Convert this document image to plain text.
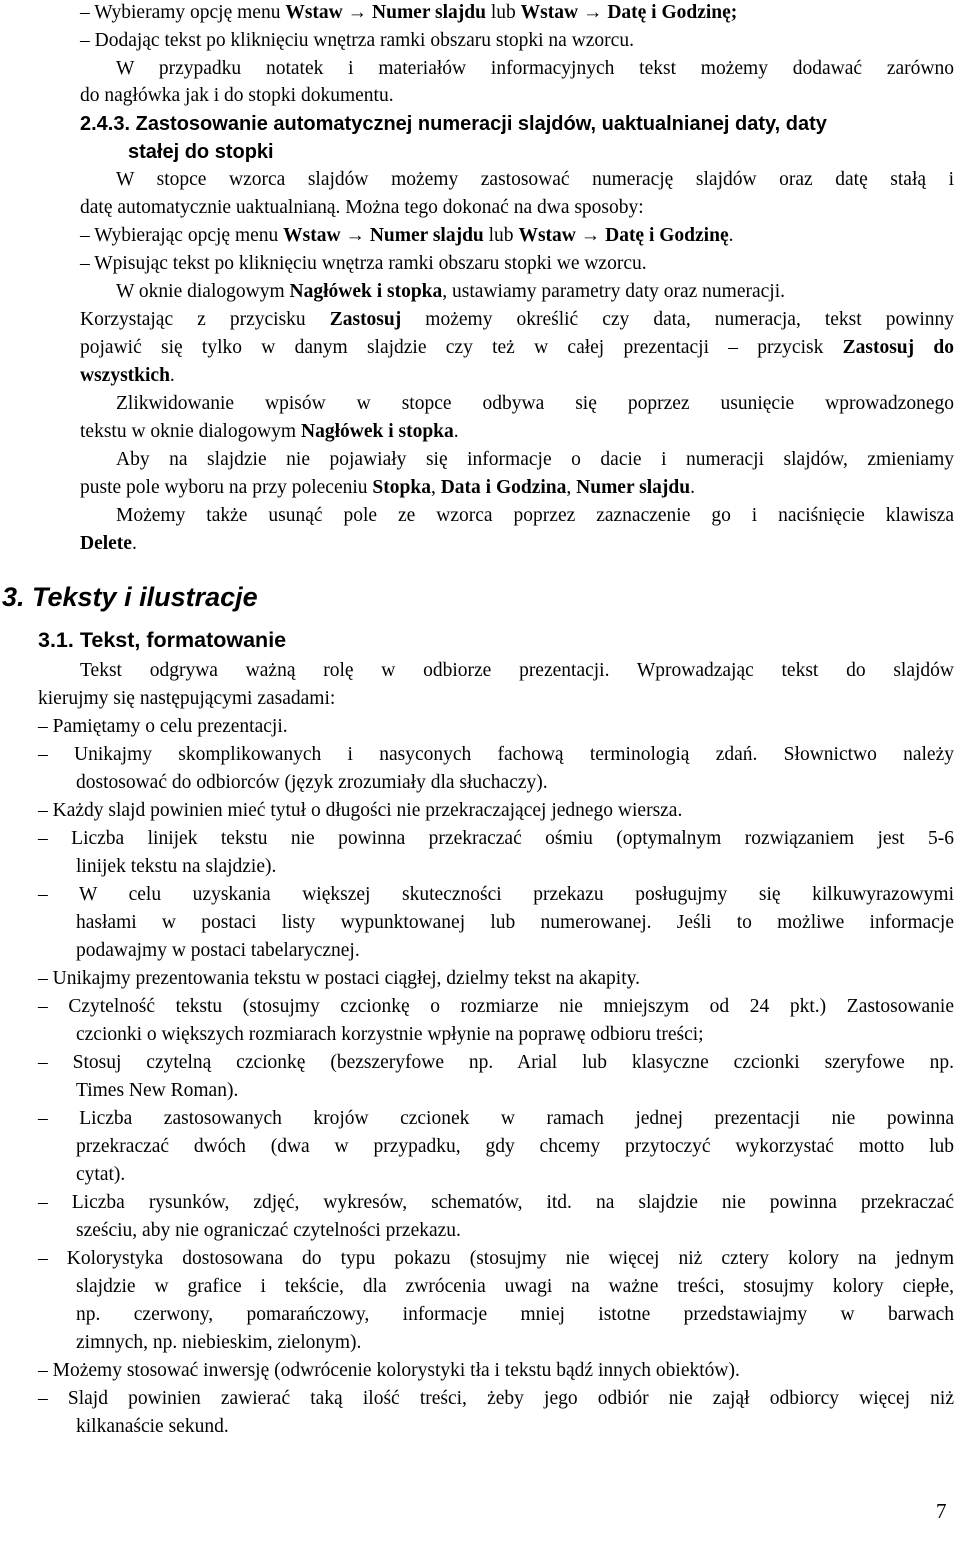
– Wybieramy opcję menu Wstaw → Numer slajdu lub Wstaw → Datę i Godzinę;
– Dodając tekst po kliknięciu wnętrza ramki obszaru stopki na wzorcu.
W przypadku notatek i materiałów informacyjnych tekst możemy dodawać zarówno
do nagłówka jak i do stopki dokumentu.
2.4.3. Zastosowanie automatycznej numeracji slajdów, uaktualnianej daty, daty
stałej do stopki
W stopce wzorca slajdów możemy zastosować numerację slajdów oraz datę stałą i
datę automatycznie uaktualnianą. Można tego dokonać na dwa sposoby:
– Wybierając opcję menu Wstaw → Numer slajdu lub Wstaw → Datę i Godzinę.
– Wpisując tekst po kliknięciu wnętrza ramki obszaru stopki we wzorcu.
W oknie dialogowym Nagłówek i stopka, ustawiamy parametry daty oraz numeracji.
Korzystając z przycisku Zastosuj możemy określić czy data, numeracja, tekst powinny
pojawić się tylko w danym slajdzie czy też w całej prezentacji – przycisk Zastosuj do
wszystkich.
Zlikwidowanie wpisów w stopce odbywa się poprzez usunięcie wprowadzonego
tekstu w oknie dialogowym Nagłówek i stopka.
Aby na slajdzie nie pojawiały się informacje o dacie i numeracji slajdów, zmieniamy
puste pole wyboru na przy poleceniu Stopka, Data i Godzina, Numer slajdu.
Możemy także usunąć pole ze wzorca poprzez zaznaczenie go i naciśnięcie klawisza
Delete.
3. Teksty i ilustracje
3.1. Tekst, formatowanie
Tekst odgrywa ważną rolę w odbiorze prezentacji. Wprowadzając tekst do slajdów
kierujmy się następującymi zasadami:
– Pamiętamy o celu prezentacji.
– Unikajmy skomplikowanych i nasyconych fachową terminologią zdań. Słownictwo należy
dostosować do odbiorców (język zrozumiały dla słuchaczy).
– Każdy slajd powinien mieć tytuł o długości nie przekraczającej jednego wiersza.
– Liczba linijek tekstu nie powinna przekraczać ośmiu (optymalnym rozwiązaniem jest 5-6
linijek tekstu na slajdzie).
– W celu uzyskania większej skuteczności przekazu posługujmy się kilkuwyrazowymi
hasłami w postaci listy wypunktowanej lub numerowanej. Jeśli to możliwe informacje
podawajmy w postaci tabelarycznej.
– Unikajmy prezentowania tekstu w postaci ciągłej, dzielmy tekst na akapity.
– Czytelność tekstu (stosujmy czcionkę o rozmiarze nie mniejszym od 24 pkt.) Zastosowanie
czcionki o większych rozmiarach korzystnie wpłynie na poprawę odbioru treści;
– Stosuj czytelną czcionkę (bezszeryfowe np. Arial lub klasyczne czcionki szeryfowe np.
Times New Roman).
– Liczba zastosowanych krojów czcionek w ramach jednej prezentacji nie powinna
przekraczać dwóch (dwa w przypadku, gdy chcemy przytoczyć wykorzystać motto lub
cytat).
– Liczba rysunków, zdjęć, wykresów, schematów, itd. na slajdzie nie powinna przekraczać
sześciu, aby nie ograniczać czytelności przekazu.
– Kolorystyka dostosowana do typu pokazu (stosujmy nie więcej niż cztery kolory na jednym
slajdzie w grafice i tekście, dla zwrócenia uwagi na ważne treści, stosujmy kolory ciepłe,
np. czerwony, pomarańczowy, informacje mniej istotne przedstawiajmy w barwach
zimnych, np. niebieskim, zielonym).
– Możemy stosować inwersję (odwrócenie kolorystyki tła i tekstu bądź innych obiektów).
– Slajd powinien zawierać taką ilość treści, żeby jego odbiór nie zajął odbiorcy więcej niż
kilkanaście sekund.
7
